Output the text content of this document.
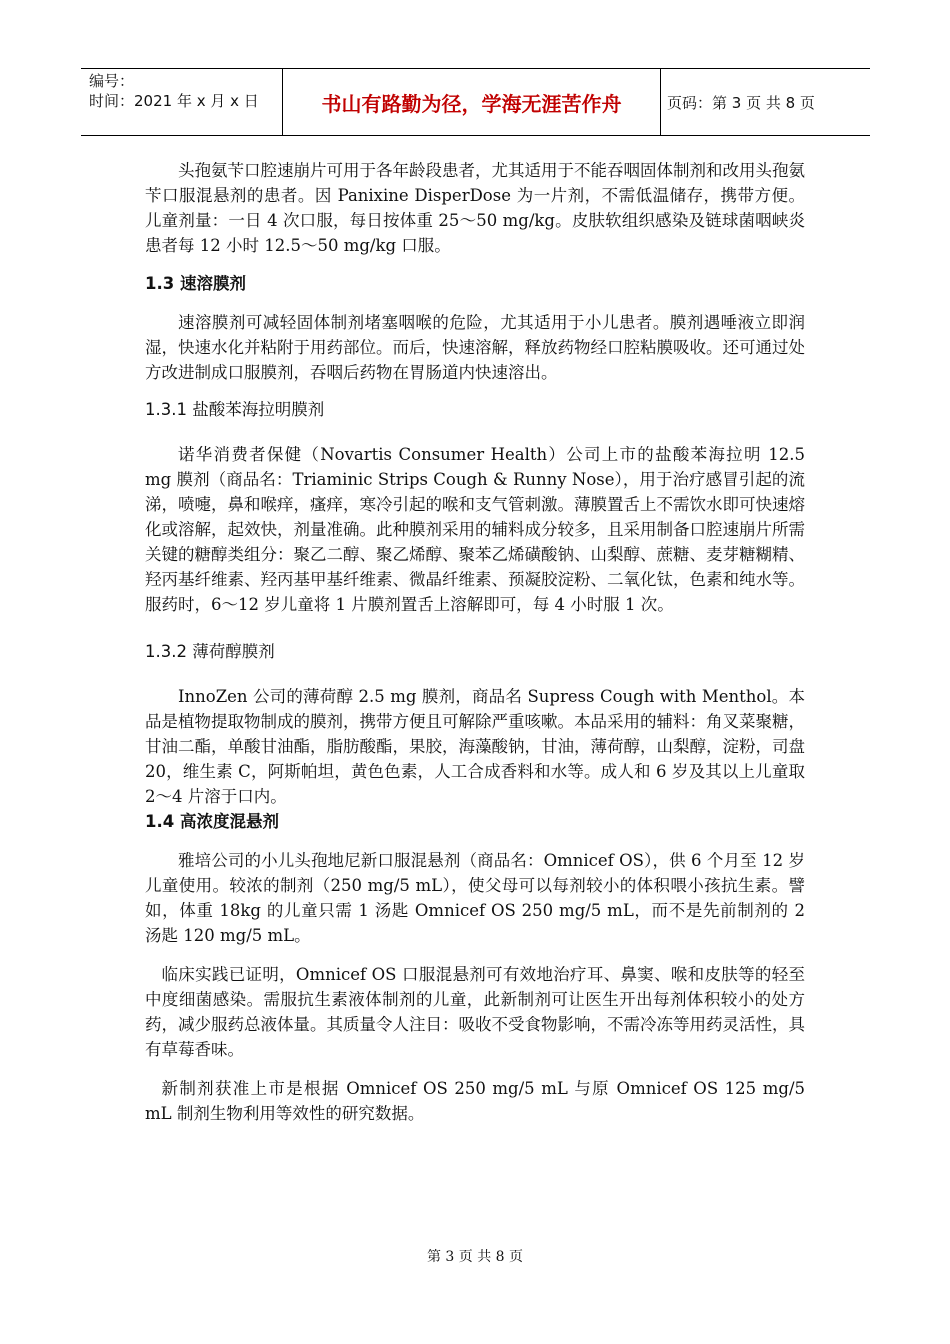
编号：
时间：2021 年 x 月 x 日	书山有路勤为径，学海无涯苦作舟	页码：第 3 页 共 8 页

头孢氨苄口腔速崩片可用于各年龄段患者，尤其适用于不能吞咽固体制剂和改用头孢氨苄口服混悬剂的患者。因 Panixine DisperDose 为一片剂，不需低温储存，携带方便。儿童剂量：一日 4 次口服，每日按体重 25～50 mg/kg。皮肤软组织感染及链球菌咽峡炎患者每 12 小时 12.5～50 mg/kg 口服。

1.3 速溶膜剂

速溶膜剂可减轻固体制剂堵塞咽喉的危险，尤其适用于小儿患者。膜剂遇唾液立即润湿，快速水化并粘附于用药部位。而后，快速溶解，释放药物经口腔粘膜吸收。还可通过处方改进制成口服膜剂，吞咽后药物在胃肠道内快速溶出。

1.3.1 盐酸苯海拉明膜剂

诺华消费者保健（Novartis Consumer Health）公司上市的盐酸苯海拉明 12.5 mg 膜剂（商品名：Triaminic Strips Cough & Runny Nose），用于治疗感冒引起的流涕，喷嚏，鼻和喉痒，瘙痒，寒冷引起的喉和支气管刺激。薄膜置舌上不需饮水即可快速熔化或溶解，起效快，剂量准确。此种膜剂采用的辅料成分较多，且采用制备口腔速崩片所需关键的糖醇类组分：聚乙二醇、聚乙烯醇、聚苯乙烯磺酸钠、山梨醇、蔗糖、麦芽糖糊精、羟丙基纤维素、羟丙基甲基纤维素、微晶纤维素、预凝胶淀粉、二氧化钛，色素和纯水等。服药时，6～12 岁儿童将 1 片膜剂置舌上溶解即可，每 4 小时服 1 次。

1.3.2 薄荷醇膜剂

InnoZen 公司的薄荷醇 2.5 mg 膜剂，商品名 Supress Cough with Menthol。本品是植物提取物制成的膜剂，携带方便且可解除严重咳嗽。本品采用的辅料：角叉菜聚糖，甘油二酯，单酸甘油酯，脂肪酸酯，果胶，海藻酸钠，甘油，薄荷醇，山梨醇，淀粉，司盘 20，维生素 C，阿斯帕坦，黄色色素，人工合成香料和水等。成人和 6 岁及其以上儿童取 2～4 片溶于口内。

1.4 高浓度混悬剂

雅培公司的小儿头孢地尼新口服混悬剂（商品名：Omnicef OS），供 6 个月至 12 岁儿童使用。较浓的制剂（250 mg/5 mL），使父母可以每剂较小的体积喂小孩抗生素。譬如，体重 18kg 的儿童只需 1 汤匙 Omnicef OS 250 mg/5 mL，而不是先前制剂的 2 汤匙 120 mg/5 mL。

临床实践已证明，Omnicef OS 口服混悬剂可有效地治疗耳、鼻窦、喉和皮肤等的轻至中度细菌感染。需服抗生素液体制剂的儿童，此新制剂可让医生开出每剂体积较小的处方药，减少服药总液体量。其质量令人注目：吸收不受食物影响，不需冷冻等用药灵活性，具有草莓香味。

新制剂获准上市是根据 Omnicef OS 250 mg/5 mL 与原 Omnicef OS 125 mg/5 mL 制剂生物利用等效性的研究数据。

第 3 页 共 8 页
